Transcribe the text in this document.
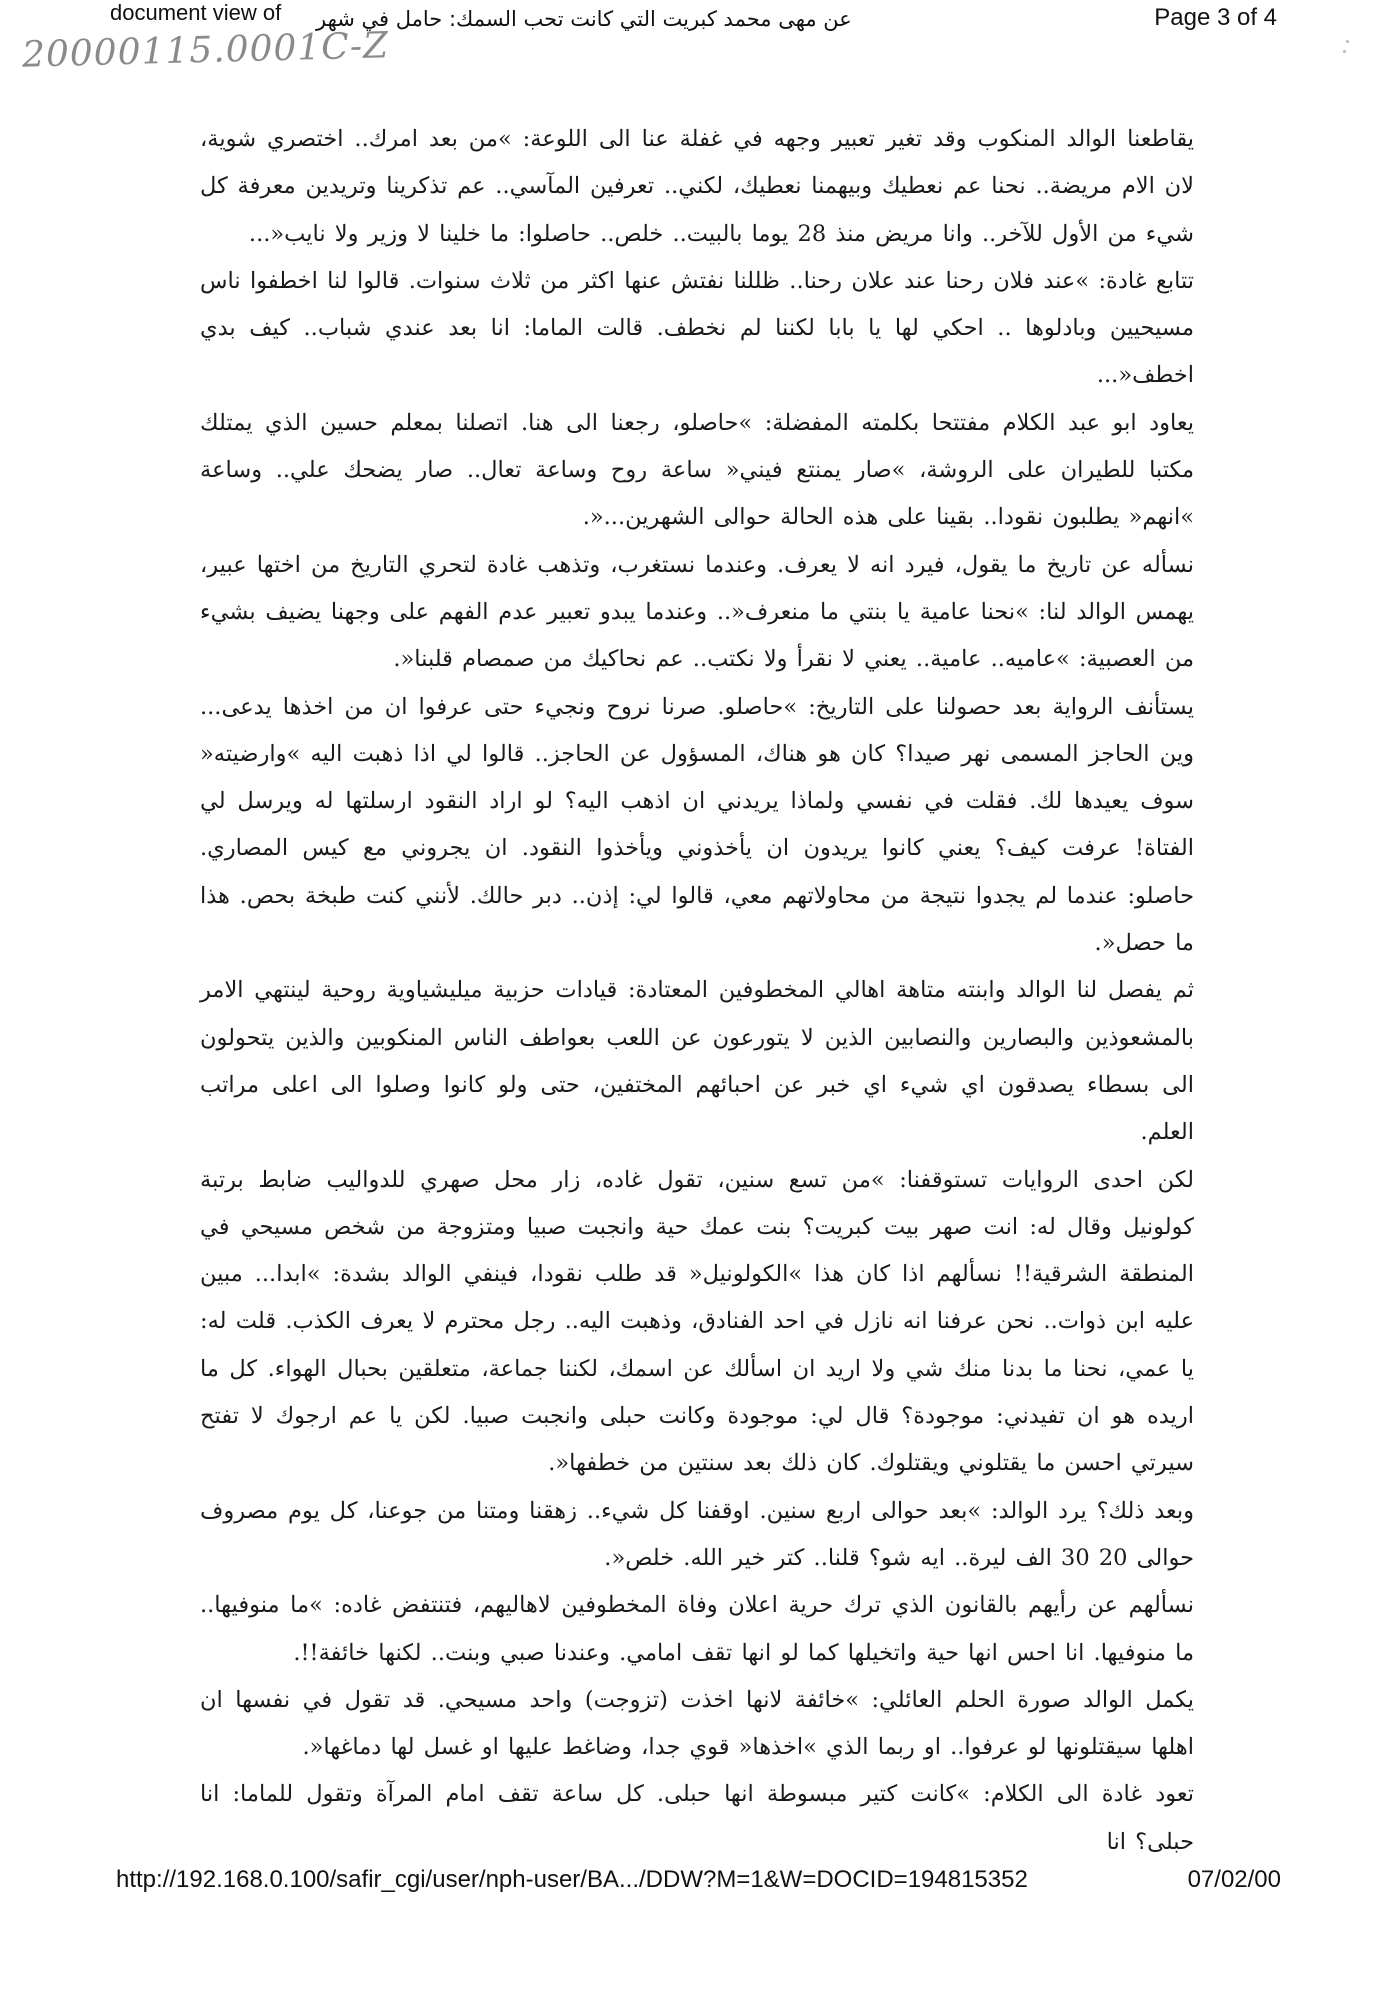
document view of عن مهى محمد كبريت التي كانت تحب السمك: حامل في شهر	Page 3 of 4
20000115.0001C-Z

يقاطعنا الوالد المنكوب وقد تغير تعبير وجهه في غفلة عنا الى اللوعة: »من بعد امرك.. اختصري شوية، لان الام مريضة.. نحنا عم نعطيك وبيهمنا نعطيك، لكني.. تعرفين المآسي.. عم تذكرينا وتريدين معرفة كل شيء من الأول للآخر.. وانا مريض منذ 28 يوما بالبيت.. خلص.. حاصلوا: ما خلينا لا وزير ولا نايب«...

تتابع غادة: »عند فلان رحنا عند علان رحنا.. ظللنا نفتش عنها اكثر من ثلاث سنوات. قالوا لنا اخطفوا ناس مسيحيين وبادلوها .. احكي لها يا بابا لكننا لم نخطف. قالت الماما: انا بعد عندي شباب.. كيف بدي اخطف«...

يعاود ابو عبد الكلام مفتتحا بكلمته المفضلة: »حاصلو، رجعنا الى هنا. اتصلنا بمعلم حسين الذي يمتلك مكتبا للطيران على الروشة، »صار يمنتع فيني« ساعة روح وساعة تعال.. صار يضحك علي.. وساعة »انهم« يطلبون نقودا.. بقينا على هذه الحالة حوالى الشهرين...«.

نسأله عن تاريخ ما يقول، فيرد انه لا يعرف. وعندما نستغرب، وتذهب غادة لتحري التاريخ من اختها عبير، يهمس الوالد لنا: »نحنا عامية يا بنتي ما منعرف«.. وعندما يبدو تعبير عدم الفهم على وجهنا يضيف بشيء من العصبية: »عاميه.. عامية.. يعني لا نقرأ ولا نكتب.. عم نحاكيك من صمصام قلبنا«.

يستأنف الرواية بعد حصولنا على التاريخ: »حاصلو. صرنا نروح ونجيء حتى عرفوا ان من اخذها يدعى... وين الحاجز المسمى نهر صيدا؟ كان هو هناك، المسؤول عن الحاجز.. قالوا لي اذا ذهبت اليه »وارضيته« سوف يعيدها لك. فقلت في نفسي ولماذا يريدني ان اذهب اليه؟ لو اراد النقود ارسلتها له ويرسل لي الفتاة! عرفت كيف؟ يعني كانوا يريدون ان يأخذوني ويأخذوا النقود. ان يجروني مع كيس المصاري. حاصلو: عندما لم يجدوا نتيجة من محاولاتهم معي، قالوا لي: إذن.. دبر حالك. لأنني كنت طبخة بحص. هذا ما حصل«.

ثم يفصل لنا الوالد وابنته متاهة اهالي المخطوفين المعتادة: قيادات حزبية ميليشياوية روحية لينتهي الامر بالمشعوذين والبصارين والنصابين الذين لا يتورعون عن اللعب بعواطف الناس المنكوبين والذين يتحولون الى بسطاء يصدقون اي شيء اي خبر عن احبائهم المختفين، حتى ولو كانوا وصلوا الى اعلى مراتب العلم.

لكن احدى الروايات تستوقفنا: »من تسع سنين، تقول غاده، زار محل صهري للدواليب ضابط برتبة كولونيل وقال له: انت صهر بيت كبريت؟ بنت عمك حية وانجبت صبيا ومتزوجة من شخص مسيحي في المنطقة الشرقية!! نسألهم اذا كان هذا »الكولونيل« قد طلب نقودا، فينفي الوالد بشدة: »ابدا... مبين عليه ابن ذوات.. نحن عرفنا انه نازل في احد الفنادق، وذهبت اليه.. رجل محترم لا يعرف الكذب. قلت له: يا عمي، نحنا ما بدنا منك شي ولا اريد ان اسألك عن اسمك، لكننا جماعة، متعلقين بحبال الهواء. كل ما اريده هو ان تفيدني: موجودة؟ قال لي: موجودة وكانت حبلى وانجبت صبيا. لكن يا عم ارجوك لا تفتح سيرتي احسن ما يقتلوني ويقتلوك. كان ذلك بعد سنتين من خطفها«.

وبعد ذلك؟ يرد الوالد: »بعد حوالى اربع سنين. اوقفنا كل شيء.. زهقنا ومتنا من جوعنا، كل يوم مصروف حوالى 20 30 الف ليرة.. ايه شو؟ قلنا.. كتر خير الله. خلص«.

نسألهم عن رأيهم بالقانون الذي ترك حرية اعلان وفاة المخطوفين لاهاليهم، فتنتفض غاده: »ما منوفيها.. ما منوفيها. انا احس انها حية واتخيلها كما لو انها تقف امامي. وعندنا صبي وبنت.. لكنها خائفة!!.

يكمل الوالد صورة الحلم العائلي: »خائفة لانها اخذت (تزوجت) واحد مسيحي. قد تقول في نفسها ان اهلها سيقتلونها لو عرفوا.. او ربما الذي »اخذها« قوي جدا، وضاغط عليها او غسل لها دماغها«.

تعود غادة الى الكلام: »كانت كتير مبسوطة انها حبلى. كل ساعة تقف امام المرآة وتقول للماما: انا حبلى؟ انا

http://192.168.0.100/safir_cgi/user/nph-user/BA.../DDW?M=1&W=DOCID=194815352	07/02/00
